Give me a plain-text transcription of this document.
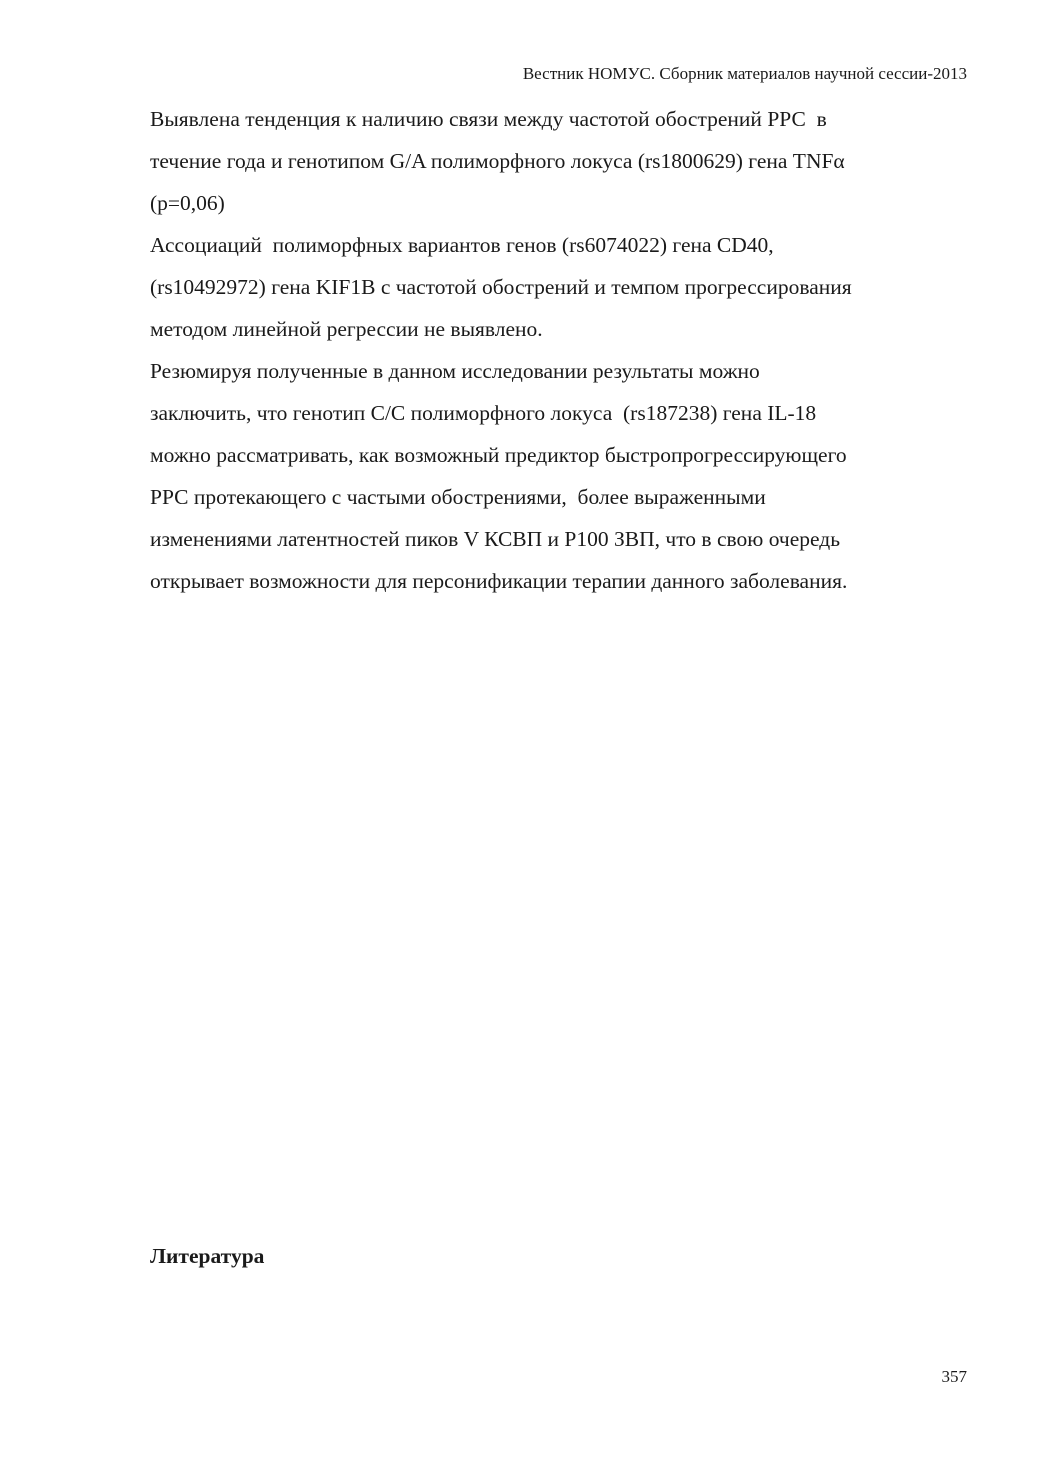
Вестник НОМУС. Сборник материалов научной сессии-2013
Выявлена тенденция к наличию связи между частотой обострений РРС  в
течение года и генотипом G/A полиморфного локуса (rs1800629) гена TNFα
(p=0,06)
Ассоциаций  полиморфных вариантов генов (rs6074022) гена CD40,
(rs10492972) гена KIF1B с частотой обострений и темпом прогрессирования
методом линейной регрессии не выявлено.
Резюмируя полученные в данном исследовании результаты можно
заключить, что генотип C/C полиморфного локуса  (rs187238) гена IL-18
можно рассматривать, как возможный предиктор быстропрогрессирующего
РРС протекающего с частыми обострениями,  более выраженными
изменениями латентностей пиков V КСВП и Р100 ЗВП, что в свою очередь
открывает возможности для персонификации терапии данного заболевания.
Литература
357
